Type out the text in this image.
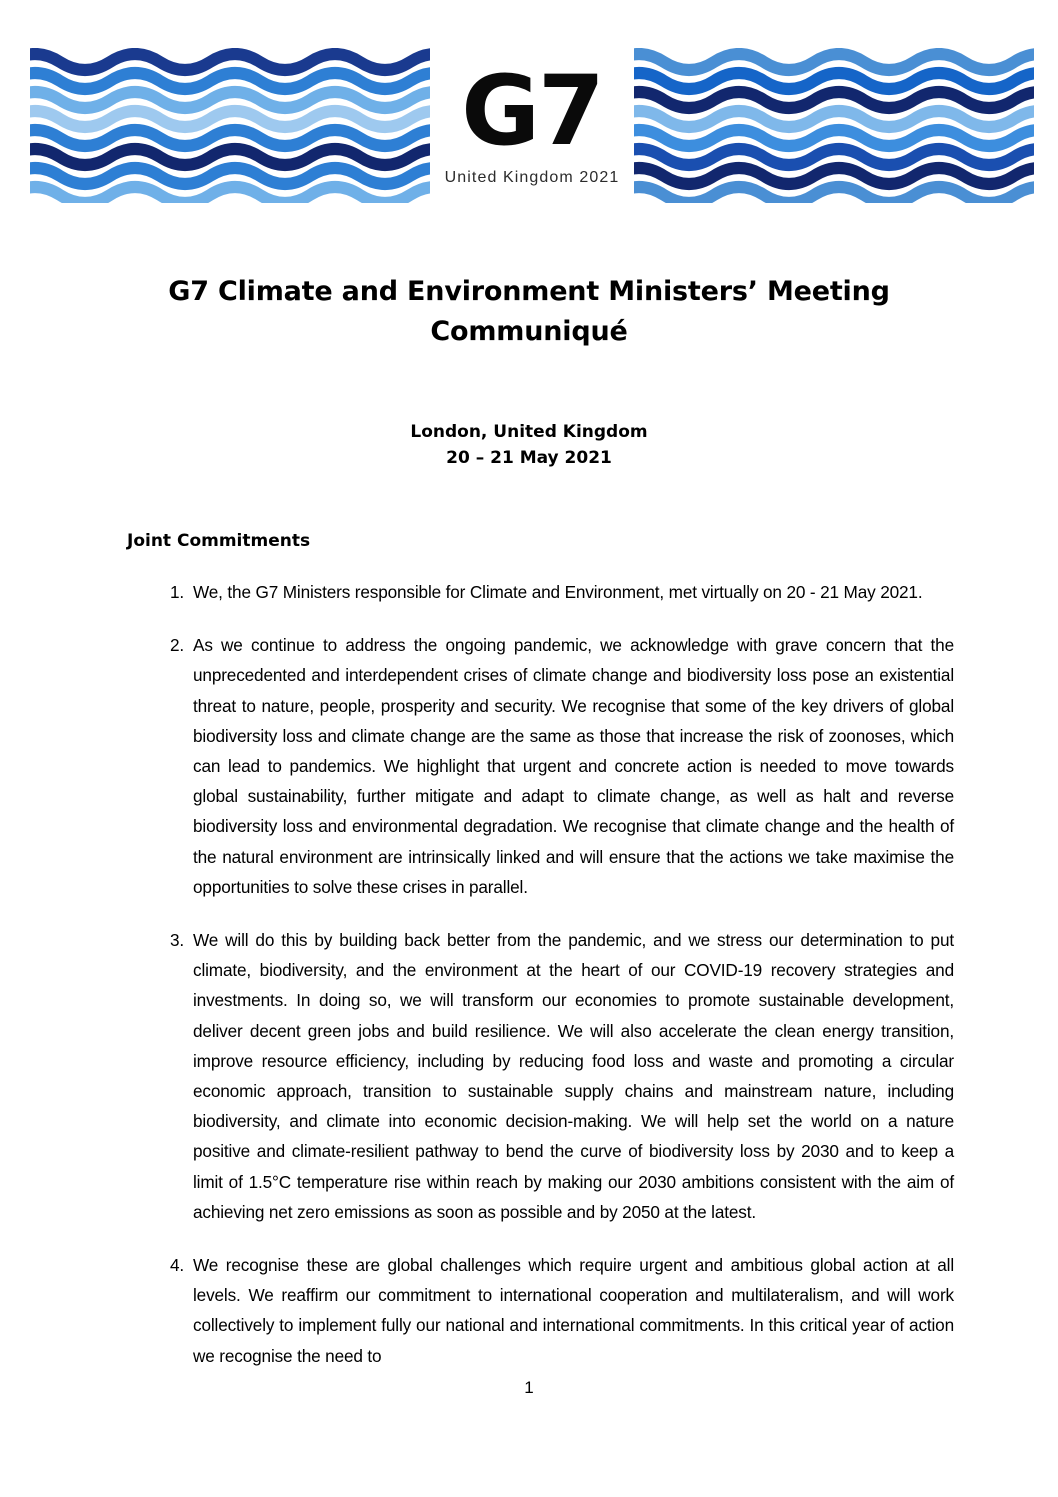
G7
United Kingdom 2021
G7 Climate and Environment Ministers’ Meeting Communiqué
London, United Kingdom
20 – 21 May 2021
Joint Commitments
1. We, the G7 Ministers responsible for Climate and Environment, met virtually on 20 - 21 May 2021.
2. As we continue to address the ongoing pandemic, we acknowledge with grave concern that the unprecedented and interdependent crises of climate change and biodiversity loss pose an existential threat to nature, people, prosperity and security. We recognise that some of the key drivers of global biodiversity loss and climate change are the same as those that increase the risk of zoonoses, which can lead to pandemics. We highlight that urgent and concrete action is needed to move towards global sustainability, further mitigate and adapt to climate change, as well as halt and reverse biodiversity loss and environmental degradation. We recognise that climate change and the health of the natural environment are intrinsically linked and will ensure that the actions we take maximise the opportunities to solve these crises in parallel.
3. We will do this by building back better from the pandemic, and we stress our determination to put climate, biodiversity, and the environment at the heart of our COVID-19 recovery strategies and investments. In doing so, we will transform our economies to promote sustainable development, deliver decent green jobs and build resilience. We will also accelerate the clean energy transition, improve resource efficiency, including by reducing food loss and waste and promoting a circular economic approach, transition to sustainable supply chains and mainstream nature, including biodiversity, and climate into economic decision-making. We will help set the world on a nature positive and climate-resilient pathway to bend the curve of biodiversity loss by 2030 and to keep a limit of 1.5°C temperature rise within reach by making our 2030 ambitions consistent with the aim of achieving net zero emissions as soon as possible and by 2050 at the latest.
4. We recognise these are global challenges which require urgent and ambitious global action at all levels. We reaffirm our commitment to international cooperation and multilateralism, and will work collectively to implement fully our national and international commitments. In this critical year of action we recognise the need to
1
